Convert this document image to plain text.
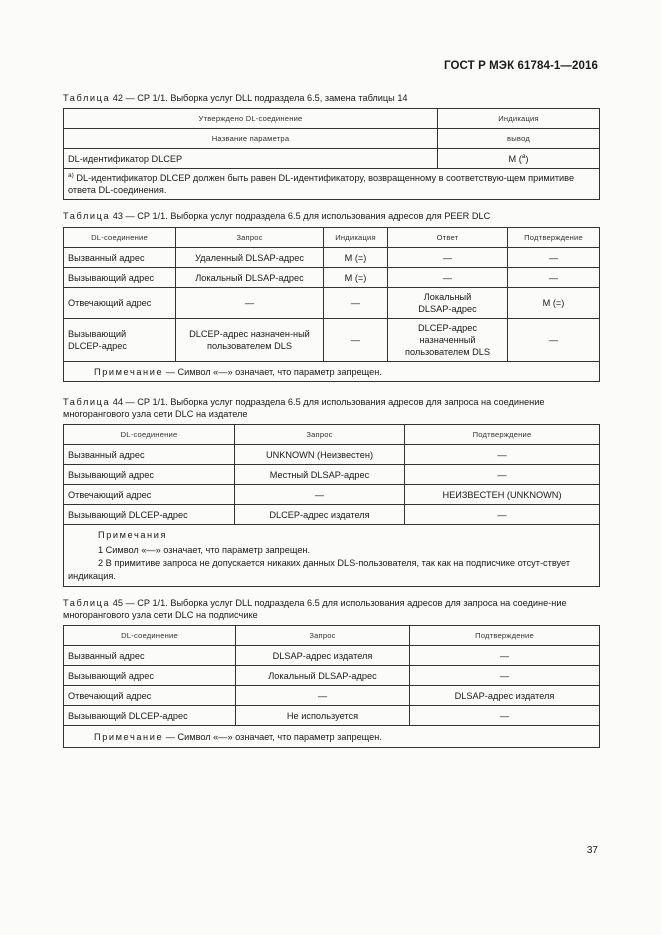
ГОСТ Р МЭК 61784-1—2016
Таблица 42 — CP 1/1. Выборка услуг DLL подраздела 6.5, замена таблицы 14
Утверждено DL-соединение	Индикация
Название параметра	вывод
DL-идентификатор DLCEP	M ($^a$)
$^{a)}$ DL-идентификатор DLCEP должен быть равен DL-идентификатору, возвращенному в соответствую-щем примитиве ответа DL-соединения.	
Таблица 43 — CP 1/1. Выборка услуг подраздела 6.5 для использования адресов для PEER DLC
DL-соединение	Запрос	Индикация	Ответ	Подтверждение
Вызванный адрес	Удаленный DLSAP-адрес	M (=)	—	—
Вызывающий адрес	Локальный DLSAP-адрес	M (=)	—	—
Отвечающий адрес	—	—	Локальный DLSAP-адрес	M (=)
Вызывающий DLCEP-адрес	DLCEP-адрес назначен-ный пользователем DLS	—	DLCEP-адрес назначенный пользователем DLS	—
Примечание — Символ «—» означает, что параметр запрещен.				
Таблица 44 — CP 1/1. Выборка услуг подраздела 6.5 для использования адресов для запроса на соединение многорангового узла сети DLC на издателе
DL-соединение	Запрос	Подтверждение
Вызванный адрес	UNKNOWN (Неизвестен)	—
Вызывающий адрес	Местный DLSAP-адрес	—
Отвечающий адрес	—	НЕИЗВЕСТЕН (UNKNOWN)
Вызывающий DLCEP-адрес	DLCEP-адрес издателя	—

Примечания
1 Символ «—» означает, что параметр запрещен.
2 В примитиве запроса не допускается никаких данных DLS-пользователя, так как на подписчике отсут-ствует индикация.		
Таблица 45 — CP 1/1. Выборка услуг DLL подраздела 6.5 для использования адресов для запроса на соедине-ние многорангового узла сети DLC на подписчике
DL-соединение	Запрос	Подтверждение
Вызванный адрес	DLSAP-адрес издателя	—
Вызывающий адрес	Локальный DLSAP-адрес	—
Отвечающий адрес	—	DLSAP-адрес издателя
Вызывающий DLCEP-адрес	Не используется	—
Примечание — Символ «—» означает, что параметр запрещен.		
37
